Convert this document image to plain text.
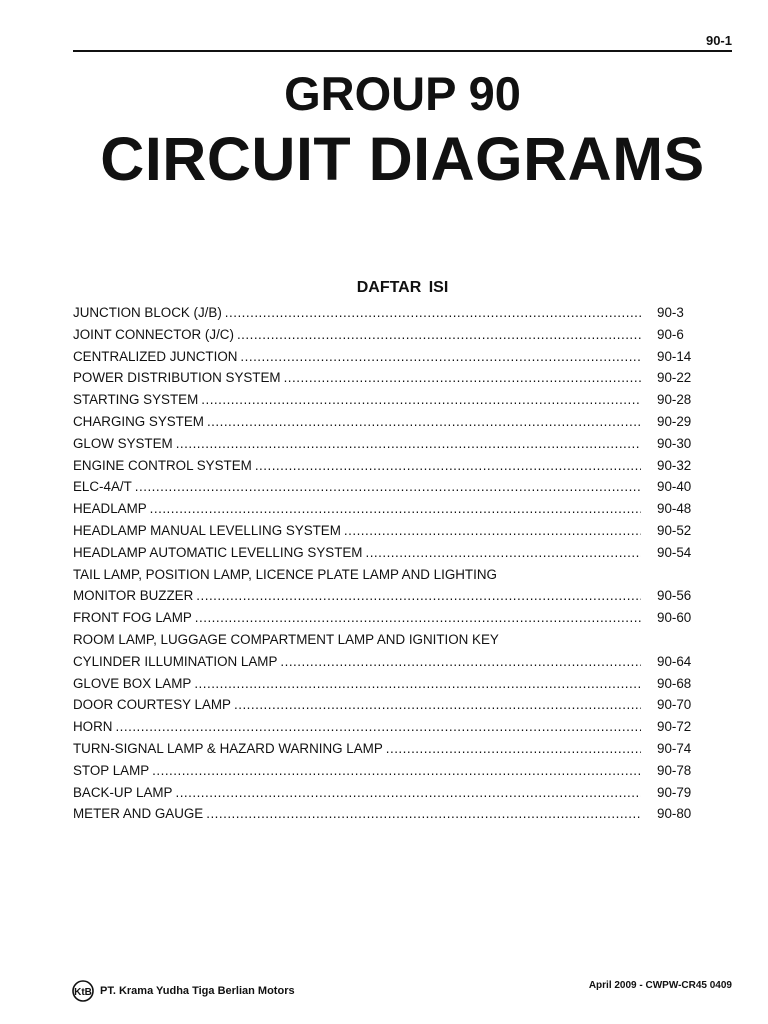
90-1
GROUP 90
CIRCUIT DIAGRAMS
DAFTAR ISI
JUNCTION BLOCK (J/B) .....	90-3
JOINT CONNECTOR (J/C) .....	90-6
CENTRALIZED JUNCTION .....	90-14
POWER DISTRIBUTION SYSTEM .....	90-22
STARTING SYSTEM .....	90-28
CHARGING SYSTEM .....	90-29
GLOW SYSTEM .....	90-30
ENGINE CONTROL SYSTEM .....	90-32
ELC-4A/T .....	90-40
HEADLAMP .....	90-48
HEADLAMP MANUAL LEVELLING SYSTEM .....	90-52
HEADLAMP AUTOMATIC LEVELLING SYSTEM .....	90-54
TAIL LAMP, POSITION LAMP, LICENCE PLATE LAMP AND LIGHTING
MONITOR BUZZER .....	90-56
FRONT FOG LAMP .....	90-60
ROOM LAMP, LUGGAGE COMPARTMENT LAMP AND IGNITION KEY
CYLINDER ILLUMINATION LAMP .....	90-64
GLOVE BOX LAMP .....	90-68
DOOR COURTESY LAMP .....	90-70
HORN .....	90-72
TURN-SIGNAL LAMP & HAZARD WARNING LAMP .....	90-74
STOP LAMP .....	90-78
BACK-UP LAMP .....	90-79
METER AND GAUGE .....	90-80
KtB PT. Krama Yudha Tiga Berlian Motors	April 2009 - CWPW-CR45 0409
